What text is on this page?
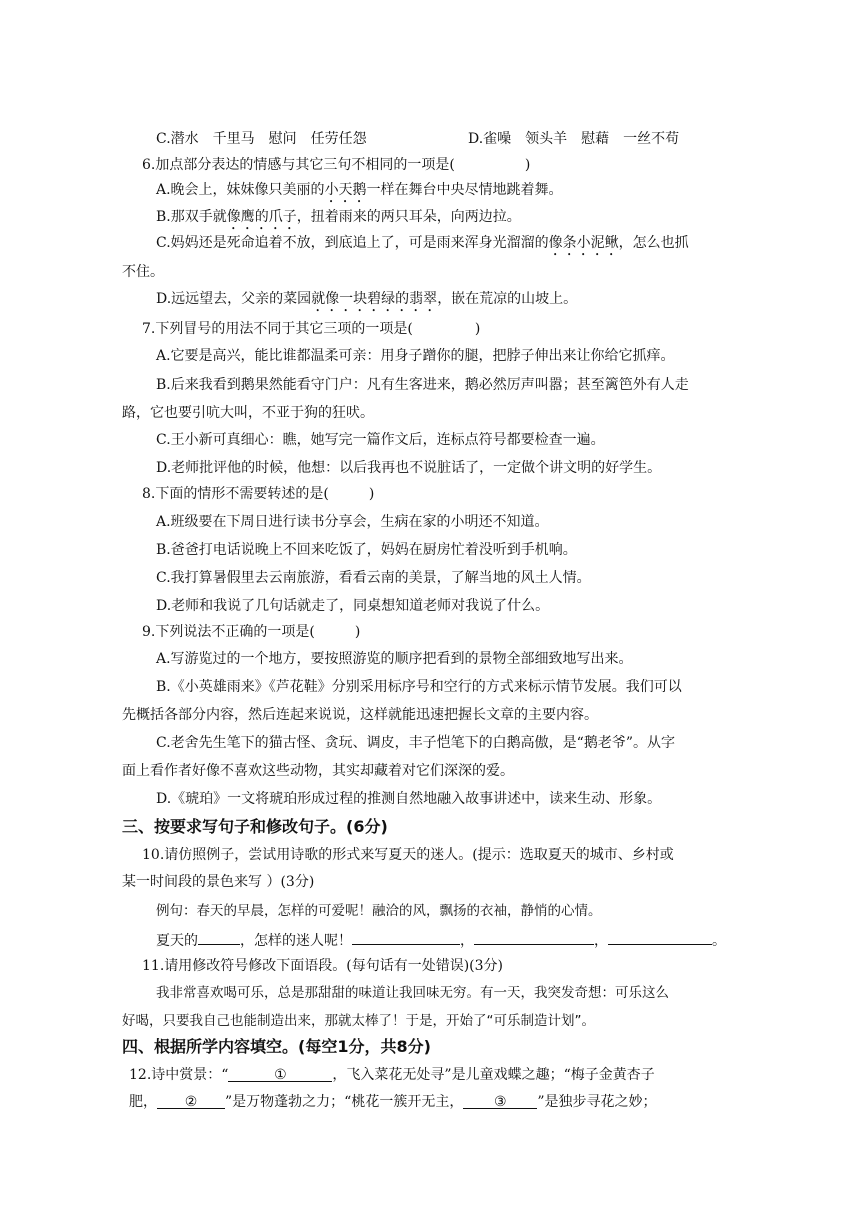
C.潜水　千里马　慰问　任劳任怨	D.雀噪　领头羊　慰藉　一丝不苟
6.加点部分表达的情感与其它三句不相同的一项是(	)
A.晚会上，妹妹像只美丽的小天鹅一样在舞台中央尽情地跳着舞。
B.那双手就像鹰的爪子，扭着雨来的两只耳朵，向两边拉。
C.妈妈还是死命追着不放，到底追上了，可是雨来浑身光溜溜的像条小泥鳅，怎么也抓
不住。
D.远远望去，父亲的菜园就像一块碧绿的翡翠，嵌在荒凉的山坡上。
7.下列冒号的用法不同于其它三项的一项是(	)
A.它要是高兴，能比谁都温柔可亲：用身子蹭你的腿，把脖子伸出来让你给它抓痒。
B.后来我看到鹅果然能看守门户：凡有生客进来，鹅必然厉声叫嚣；甚至篱笆外有人走
路，它也要引吭大叫，不亚于狗的狂吠。
C.王小新可真细心：瞧，她写完一篇作文后，连标点符号都要检查一遍。
D.老师批评他的时候，他想：以后我再也不说脏话了，一定做个讲文明的好学生。
8.下面的情形不需要转述的是(	)
A.班级要在下周日进行读书分享会，生病在家的小明还不知道。
B.爸爸打电话说晚上不回来吃饭了，妈妈在厨房忙着没听到手机响。
C.我打算暑假里去云南旅游，看看云南的美景，了解当地的风土人情。
D.老师和我说了几句话就走了，同桌想知道老师对我说了什么。
9.下列说法不正确的一项是(	)
A.写游览过的一个地方，要按照游览的顺序把看到的景物全部细致地写出来。
B.《小英雄雨来》《芦花鞋》分别采用标序号和空行的方式来标示情节发展。我们可以
先概括各部分内容，然后连起来说说，这样就能迅速把握长文章的主要内容。
C.老舍先生笔下的猫古怪、贪玩、调皮，丰子恺笔下的白鹅高傲，是“鹅老爷”。从字
面上看作者好像不喜欢这些动物，其实却藏着对它们深深的爱。
D.《琥珀》一文将琥珀形成过程的推测自然地融入故事讲述中，读来生动、形象。
三、按要求写句子和修改句子。(6分)
10.请仿照例子，尝试用诗歌的形式来写夏天的迷人。(提示：选取夏天的城市、乡村或
某一时间段的景色来写 ）(3分)
例句：春天的早晨，怎样的可爱呢！融洽的风，飘扬的衣袖，静悄的心情。
夏天的	，怎样的迷人呢！	，	，	。
11.请用修改符号修改下面语段。(每句话有一处错误)(3分)
我非常喜欢喝可乐，总是那甜甜的味道让我回味无穷。有一天，我突发奇想：可乐这么
好喝，只要我自己也能制造出来，那就太棒了！于是，开始了“可乐制造计划”。
四、根据所学内容填空。(每空1分，共8分)
12.诗中赏景：“	①	，飞入菜花无处寻”是儿童戏蝶之趣；“梅子金黄杏子
肥， ② ”是万物蓬勃之力；“桃花一簇开无主， ③ ”是独步寻花之妙；
